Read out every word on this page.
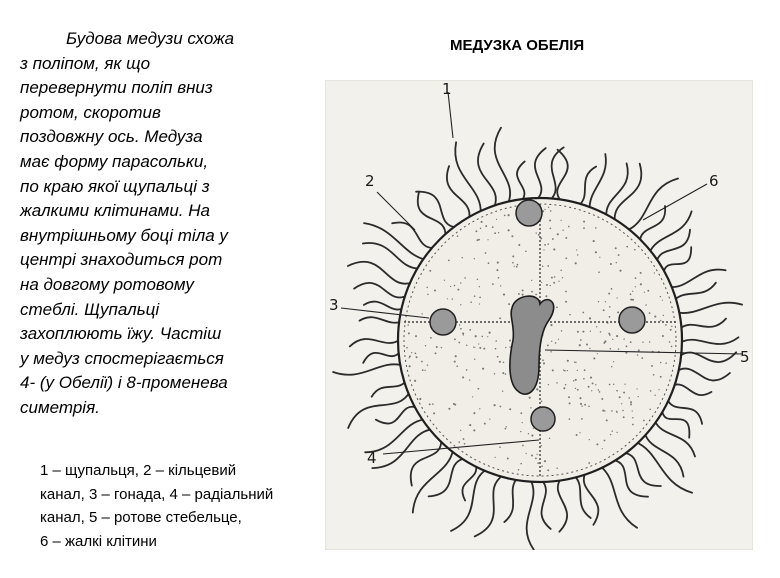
Будова медузи схожа
з поліпом, як що
перевернути поліп вниз
ротом, скоротив
поздовжну ось. Медуза
має форму парасольки,
по краю якої щупальці з
жалкими клітинами. На
внутрішньому боці тіла у
центрі знаходиться рот
на довгому ротовому
стеблі. Щупальці
захоплюють їжу. Частіш
у медуз спостерігається
4- (у Обелії) і 8-променева
симетрія.
МЕДУЗКА ОБЕЛІЯ
1
2
3
4
5
6
1 – щупальця, 2 – кільцевий
канал, 3 – гонада, 4 – радіальний
канал, 5 – ротове стебельце,
6 – жалкі клітини
